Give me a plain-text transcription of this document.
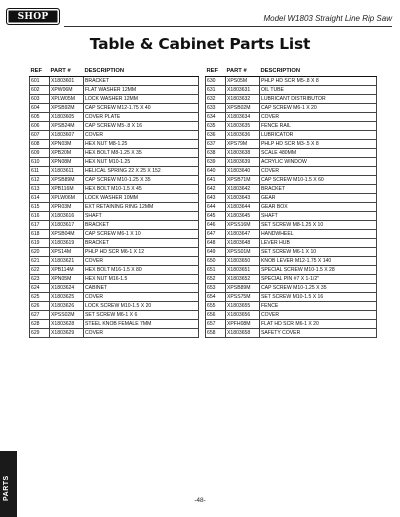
SHOP FOX
Model W1803 Straight Line Rip Saw
Table & Cabinet Parts List
REF	PART #	DESCRIPTION
601	X1803601	BRACKET
602	XPW06M	FLAT WASHER 12MM
603	XPLW05M	LOCK WASHER 12MM
604	XPSB92M	CAP SCREW M12-1.75 X 40
605	X1803605	COVER PLATE
606	XPSB24M	CAP SCREW M5-.8 X 16
607	X1803607	COVER
608	XPN03M	HEX NUT M8-1.25
609	XPB20M	HEX BOLT M8-1.25 X 35
610	XPN08M	HEX NUT M10-1.25
611	X1803611	HELICAL SPRING 22 X 25 X 152
612	XPSB89M	CAP SCREW M10-1.25 X 35
613	XPB116M	HEX BOLT M10-1.5 X 45
614	XPLW06M	LOCK WASHER 10MM
615	XPR03M	EXT RETAINING RING 12MM
616	X1803616	SHAFT
617	X1803617	BRACKET
618	XPSB04M	CAP SCREW M6-1 X 10
619	X1803619	BRACKET
620	XPS14M	PHLP HD SCR M6-1 X 12
621	X1803621	COVER
622	XPB114M	HEX BOLT M16-1.5 X 80
623	XPN05M	HEX NUT M16-1.5
624	X1803624	CABINET
625	X1803625	COVER
626	X1803626	LOCK SCREW M10-1.5 X 20
627	XPSS02M	SET SCREW M6-1 X 6
628	X1803628	STEEL KNOB FEMALE 7MM
629	X1803629	COVER
REF	PART #	DESCRIPTION
630	XPS05M	PHLP HD SCR M5-.8 X 8
631	X1803631	OIL TUBE
632	X1803632	LUBRICANT DISTRIBUTOR
633	XPSB02M	CAP SCREW M6-1 X 20
634	X1803634	COVER
635	X1803635	FENCE RAIL
636	X1803636	LUBRICATOR
637	XPS79M	PHLP HD SCR M3-.5 X 8
638	X1803638	SCALE 480MM
639	X1803639	ACRYLIC WINDOW
640	X1803640	COVER
641	XPSB71M	CAP SCREW M10-1.5 X 60
642	X1803642	BRACKET
643	X1803643	GEAR
644	X1803644	GEAR BOX
645	X1803645	SHAFT
646	XPSS16M	SET SCREW M8-1.25 X 10
647	X1803647	HANDWHEEL
648	X1803648	LEVER HUB
649	XPSS01M	SET SCREW M6-1 X 10
650	X1803650	KNOB LEVER M12-1.75 X 140
651	X1803651	SPECIAL SCREW M10-1.5 X 28
652	X1803652	SPECIAL PIN #7 X 1-1/2"
653	XPSB89M	CAP SCREW M10-1.25 X 35
654	XPSS75M	SET SCREW M10-1.5 X 16
655	X1803655	FENCE
656	X1803656	COVER
657	XPFH08M	FLAT HD SCR M6-1 X 20
658	X1803658	SAFETY COVER
PARTS	-48-
